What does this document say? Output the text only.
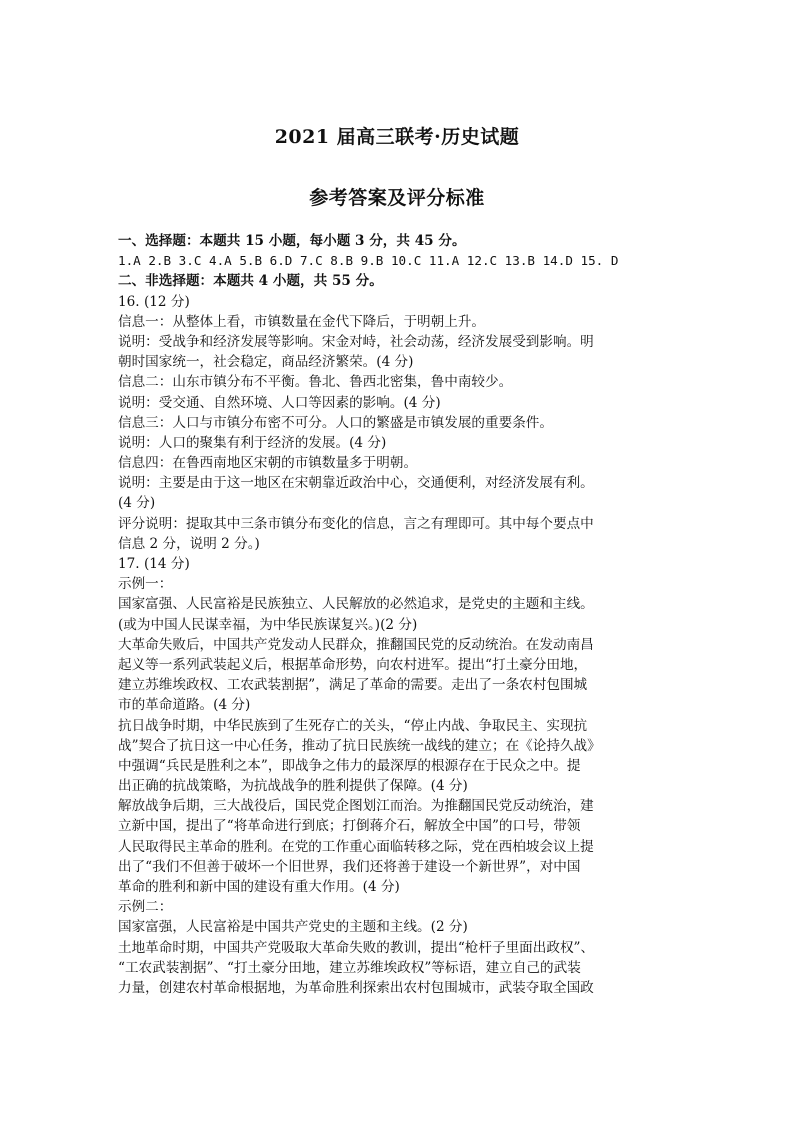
2021 届高三联考·历史试题
参考答案及评分标准
一、选择题：本题共 15 小题，每小题 3 分，共 45 分。
1.A 2.B 3.C 4.A 5.B 6.D 7.C 8.B 9.B 10.C 11.A 12.C 13.B 14.D 15. D
二、非选择题：本题共 4 小题，共 55 分。
16. (12 分)
信息一：从整体上看，市镇数量在金代下降后，于明朝上升。
说明：受战争和经济发展等影响。宋金对峙，社会动荡，经济发展受到影响。明
朝时国家统一，社会稳定，商品经济繁荣。(4 分)
信息二：山东市镇分布不平衡。鲁北、鲁西北密集，鲁中南较少。
说明：受交通、自然环境、人口等因素的影响。(4 分)
信息三：人口与市镇分布密不可分。人口的繁盛是市镇发展的重要条件。
说明：人口的聚集有利于经济的发展。(4 分)
信息四：在鲁西南地区宋朝的市镇数量多于明朝。
说明：主要是由于这一地区在宋朝靠近政治中心，交通便利，对经济发展有利。
(4 分)
评分说明：提取其中三条市镇分布变化的信息，言之有理即可。其中每个要点中
信息 2 分，说明 2 分。)
17. (14 分)
示例一：
国家富强、人民富裕是民族独立、人民解放的必然追求，是党史的主题和主线。
(或为中国人民谋幸福，为中华民族谋复兴。)(2 分)
大革命失败后，中国共产党发动人民群众，推翻国民党的反动统治。在发动南昌
起义等一系列武装起义后，根据革命形势，向农村进军。提出“打土豪分田地，
建立苏维埃政权、工农武装割据”，满足了革命的需要。走出了一条农村包围城
市的革命道路。(4 分)
抗日战争时期，中华民族到了生死存亡的关头，“停止内战、争取民主、实现抗
战”契合了抗日这一中心任务，推动了抗日民族统一战线的建立；在《论持久战》
中强调“兵民是胜利之本”，即战争之伟力的最深厚的根源存在于民众之中。提
出正确的抗战策略，为抗战战争的胜利提供了保障。(4 分)
解放战争后期，三大战役后，国民党企图划江而治。为推翻国民党反动统治，建
立新中国，提出了“将革命进行到底；打倒蒋介石，解放全中国”的口号，带领
人民取得民主革命的胜利。在党的工作重心面临转移之际，党在西柏坡会议上提
出了“我们不但善于破坏一个旧世界，我们还将善于建设一个新世界”，对中国
革命的胜利和新中国的建设有重大作用。(4 分)
示例二：
国家富强，人民富裕是中国共产党史的主题和主线。(2 分)
土地革命时期，中国共产党吸取大革命失败的教训，提出“枪杆子里面出政权”、
“工农武装割据”、“打土豪分田地，建立苏维埃政权”等标语，建立自己的武装
力量，创建农村革命根据地，为革命胜利探索出农村包围城市，武装夺取全国政
